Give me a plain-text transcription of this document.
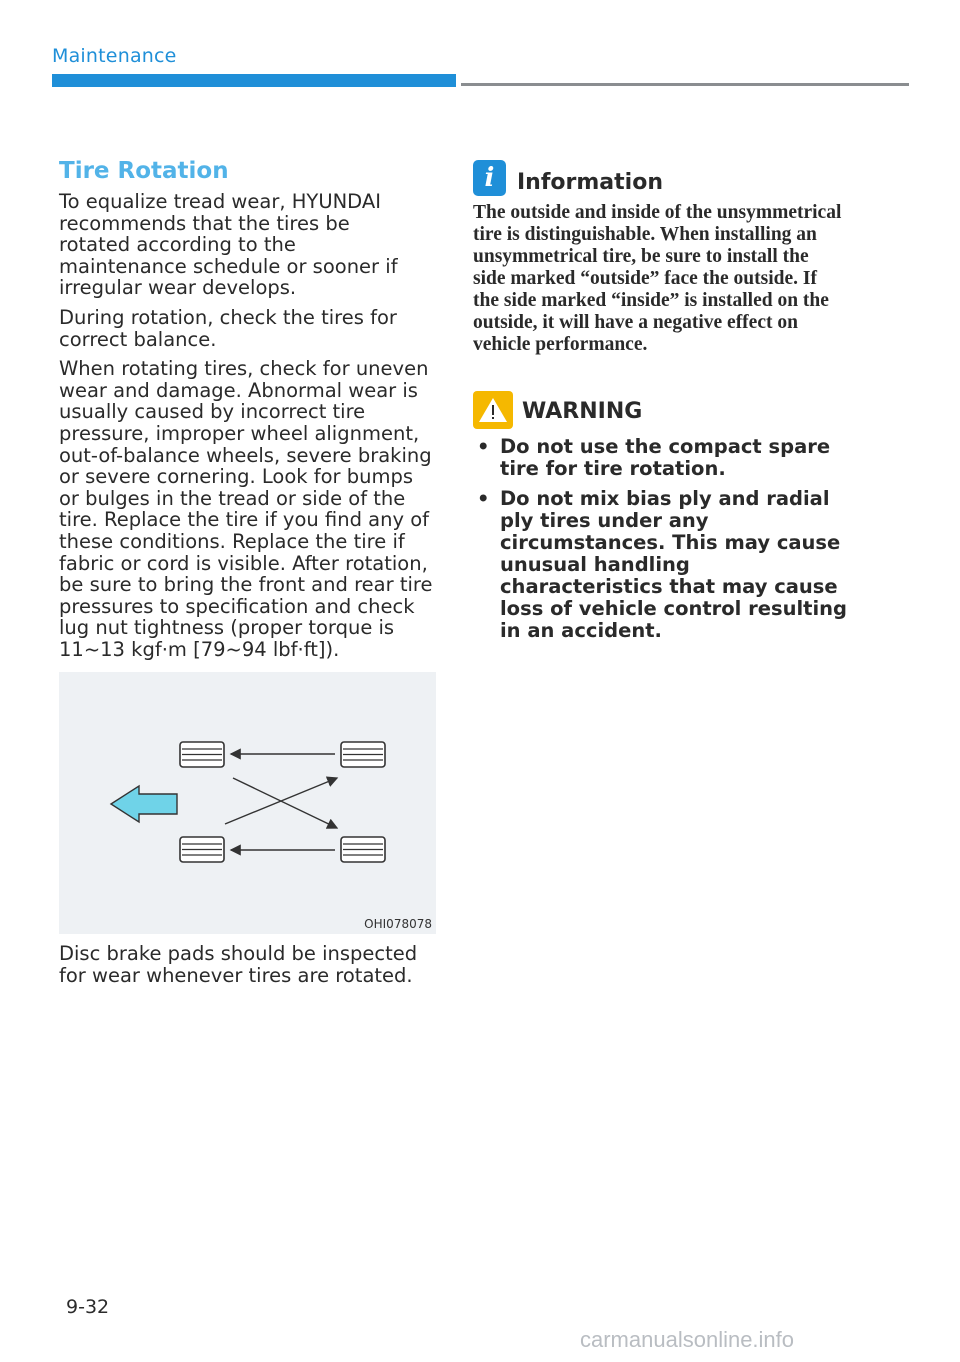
Maintenance
Tire Rotation

To equalize tread wear, HYUNDAI recommends that the tires be rotated according to the maintenance schedule or sooner if irregular wear develops.

During rotation, check the tires for correct balance.

When rotating tires, check for uneven wear and damage. Abnormal wear is usually caused by incorrect tire pressure, improper wheel alignment, out-of-balance wheels, severe braking or severe cornering. Look for bumps or bulges in the tread or side of the tire. Replace the tire if you find any of these conditions. Replace the tire if fabric or cord is visible. After rotation, be sure to bring the front and rear tire pressures to specification and check lug nut tightness (proper torque is 11~13 kgf·m [79~94 lbf·ft]).

OHI078078

Disc brake pads should be inspected for wear whenever tires are rotated.

i	Information
The outside and inside of the unsymmetrical tire is distinguishable. When installing an unsymmetrical tire, be sure to install the side marked “outside” face the outside. If the side marked “inside” is installed on the outside, it will have a negative effect on vehicle performance.
WARNING
• Do not use the compact spare tire for tire rotation.
• Do not mix bias ply and radial ply tires under any circumstances. This may cause unusual handling characteristics that may cause loss of vehicle control resulting in an accident.
9-32
carmanualsonline.info
